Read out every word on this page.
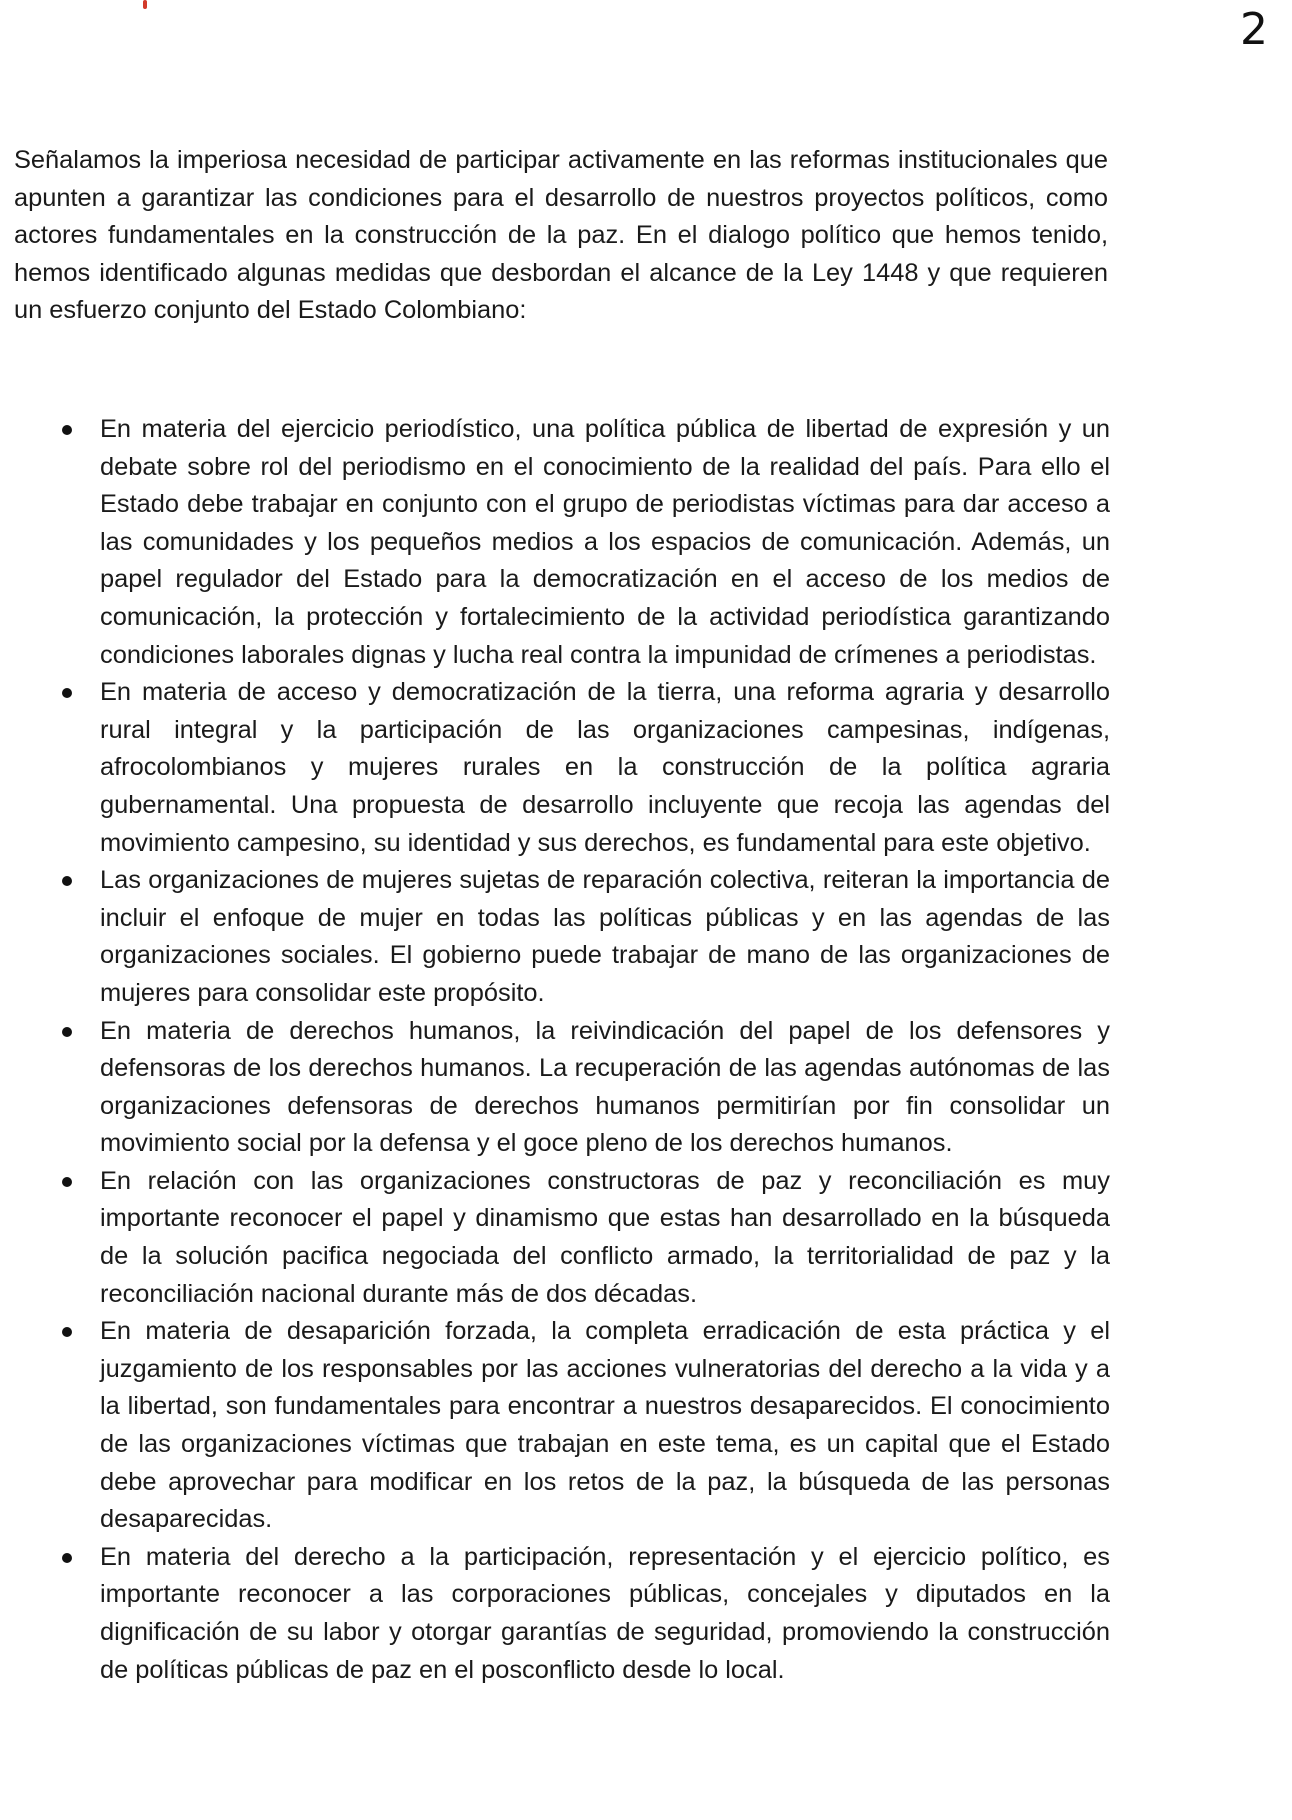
2

Señalamos la imperiosa necesidad de participar activamente en las reformas institucionales que apunten a garantizar las condiciones para el desarrollo de nuestros proyectos políticos, como actores fundamentales en la construcción de la paz. En el dialogo político que hemos tenido, hemos identificado algunas medidas que desbordan el alcance de la Ley 1448 y que requieren un esfuerzo conjunto del Estado Colombiano:

En materia del ejercicio periodístico, una política pública de libertad de expresión y un debate sobre rol del periodismo en el conocimiento de la realidad del país. Para ello el Estado debe trabajar en conjunto con el grupo de periodistas víctimas para dar acceso a las comunidades y los pequeños medios a los espacios de comunicación. Además, un papel regulador del Estado para la democratización en el acceso de los medios de comunicación, la protección y fortalecimiento de la actividad periodística garantizando condiciones laborales dignas y lucha real contra la impunidad de crímenes a periodistas.
En materia de acceso y democratización de la tierra, una reforma agraria y desarrollo rural integral y la participación de las organizaciones campesinas, indígenas, afrocolombianos y mujeres rurales en la construcción de la política agraria gubernamental. Una propuesta de desarrollo incluyente que recoja las agendas del movimiento campesino, su identidad y sus derechos, es fundamental para este objetivo.
Las organizaciones de mujeres sujetas de reparación colectiva, reiteran la importancia de incluir el enfoque de mujer en todas las políticas públicas y en las agendas de las organizaciones sociales. El gobierno puede trabajar de mano de las organizaciones de mujeres para consolidar este propósito.
En materia de derechos humanos, la reivindicación del papel de los defensores y defensoras de los derechos humanos. La recuperación de las agendas autónomas de las organizaciones defensoras de derechos humanos permitirían por fin consolidar un movimiento social por la defensa y el goce pleno de los derechos humanos.
En relación con las organizaciones constructoras de paz y reconciliación es muy importante reconocer el papel y dinamismo que estas han desarrollado en la búsqueda de la solución pacifica negociada del conflicto armado, la territorialidad de paz y la reconciliación nacional durante más de dos décadas.
En materia de desaparición forzada, la completa erradicación de esta práctica y el juzgamiento de los responsables por las acciones vulneratorias del derecho a la vida y a la libertad, son fundamentales para encontrar a nuestros desaparecidos. El conocimiento de las organizaciones víctimas que trabajan en este tema, es un capital que el Estado debe aprovechar para modificar en los retos de la paz, la búsqueda de las personas desaparecidas.
En materia del derecho a la participación, representación y el ejercicio político, es importante reconocer a las corporaciones públicas, concejales y diputados en la dignificación de su labor y otorgar garantías de seguridad, promoviendo la construcción de políticas públicas de paz en el posconflicto desde lo local.
